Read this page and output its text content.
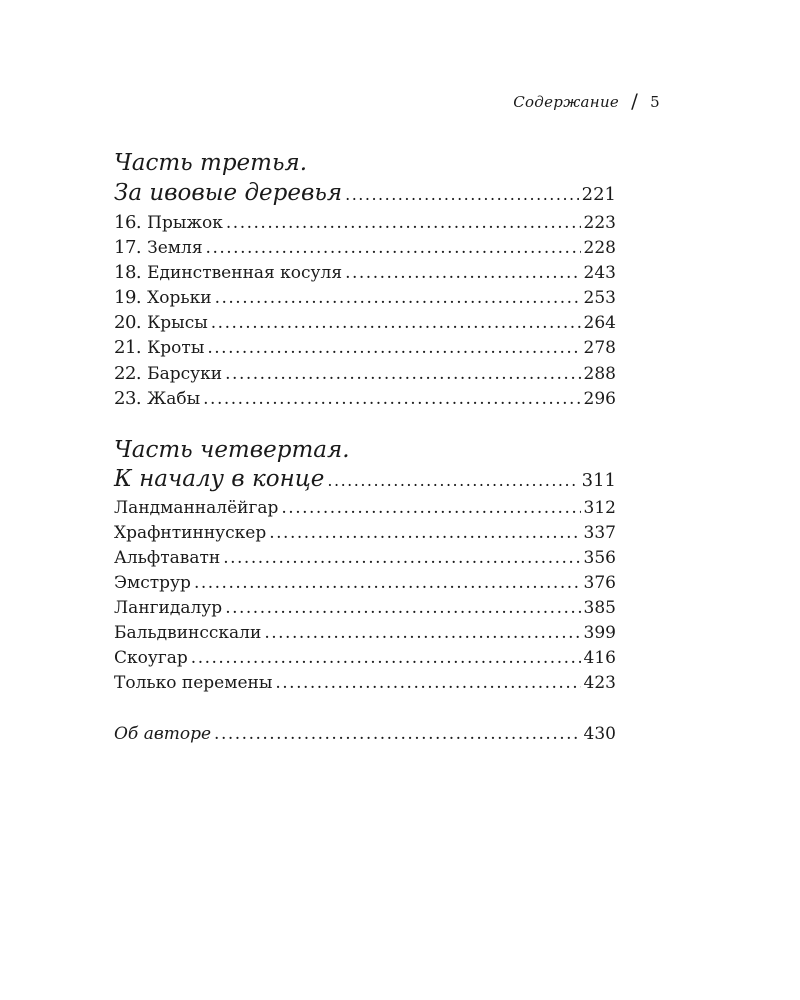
Содержание / 5
Часть третья.
За ивовые деревья .....	221
16. Прыжок .....	223
17. Земля .....	228
18. Единственная косуля .....	243
19. Хорьки .....	253
20. Крысы .....	264
21. Кроты .....	278
22. Барсуки .....	288
23. Жабы .....	296
Часть четвертая.
К началу в конце .....	311
Ландманналёйгар .....	312
Храфнтиннускер .....	337
Альфтаватн .....	356
Эмструр .....	376
Лангидалур .....	385
Бальдвинсскали .....	399
Скоугар .....	416
Только перемены .....	423
Об авторе .....	430
